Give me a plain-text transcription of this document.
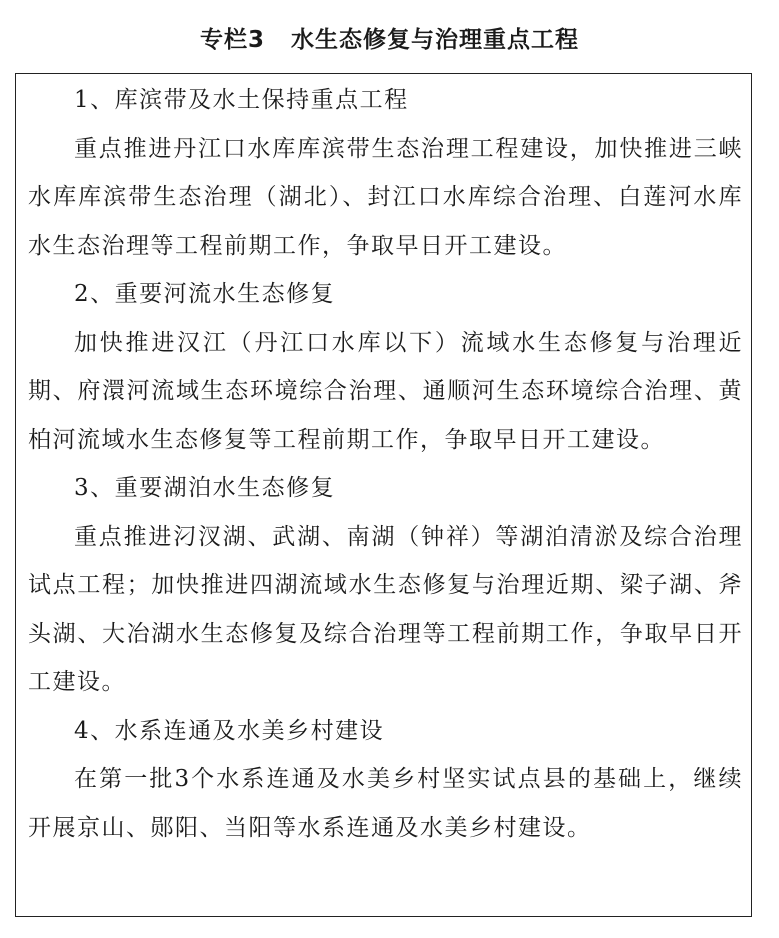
专栏3 水生态修复与治理重点工程

1、库滨带及水土保持重点工程

重点推进丹江口水库库滨带生态治理工程建设，加快推进三峡水库库滨带生态治理（湖北）、封江口水库综合治理、白莲河水库水生态治理等工程前期工作，争取早日开工建设。

2、重要河流水生态修复

加快推进汉江（丹江口水库以下）流域水生态修复与治理近期、府澴河流域生态环境综合治理、通顺河生态环境综合治理、黄柏河流域水生态修复等工程前期工作，争取早日开工建设。

3、重要湖泊水生态修复

重点推进汈汊湖、武湖、南湖（钟祥）等湖泊清淤及综合治理试点工程；加快推进四湖流域水生态修复与治理近期、梁子湖、斧头湖、大冶湖水生态修复及综合治理等工程前期工作，争取早日开工建设。

4、水系连通及水美乡村建设

在第一批3个水系连通及水美乡村坚实试点县的基础上，继续开展京山、郧阳、当阳等水系连通及水美乡村建设。
